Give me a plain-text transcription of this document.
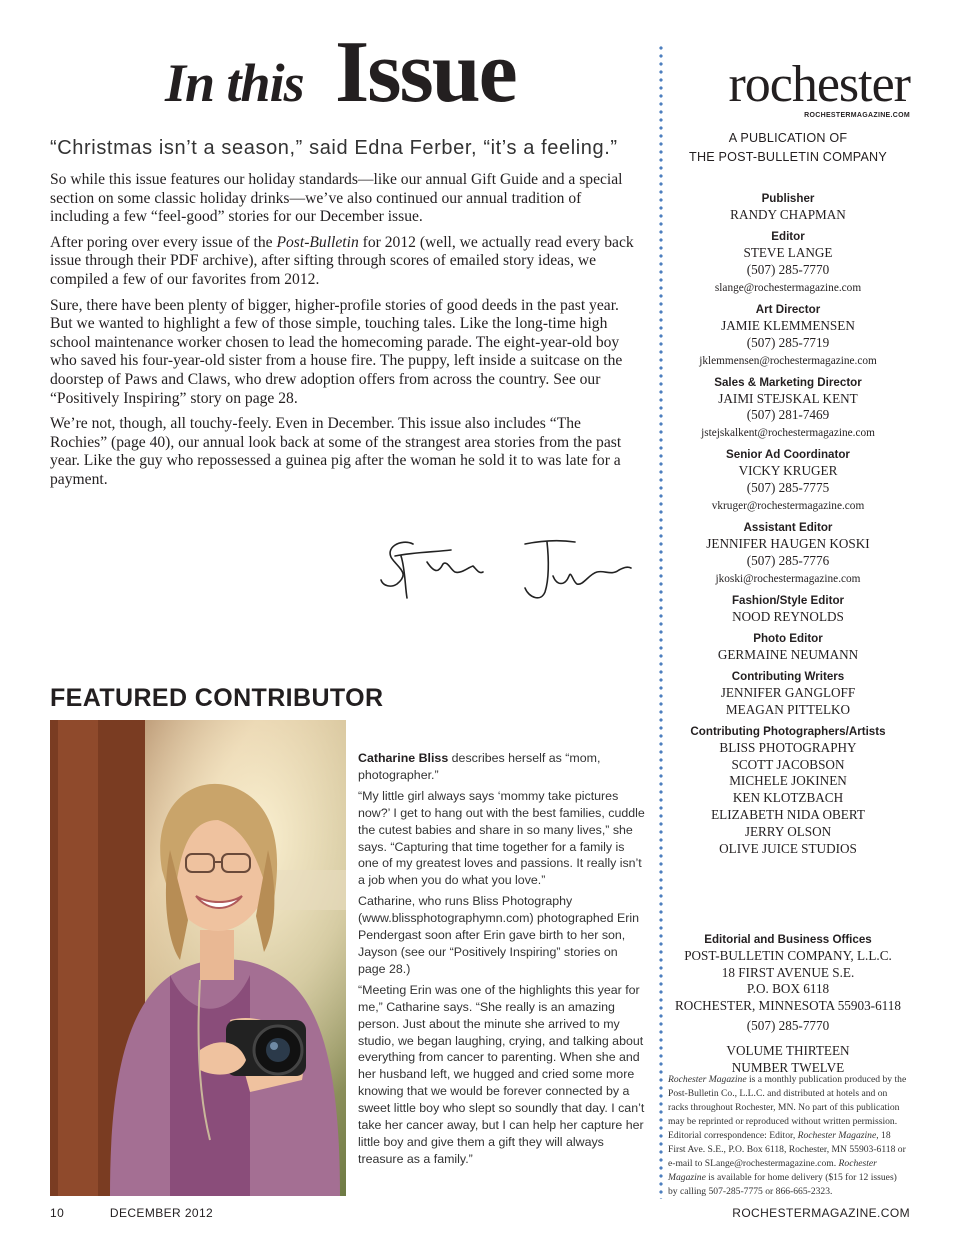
In this Issue
“Christmas isn’t a season,” said Edna Ferber, “it’s a feeling.”

So while this issue features our holiday standards—like our annual Gift Guide and a special section on some classic holiday drinks—we’ve also continued our annual tradition of including a few “feel-good” stories for our December issue.

After poring over every issue of the Post-Bulletin for 2012 (well, we actually read every back issue through their PDF archive), after sifting through scores of emailed story ideas, we compiled a few of our favorites from 2012.

Sure, there have been plenty of bigger, higher-profile stories of good deeds in the past year. But we wanted to highlight a few of those simple, touching tales. Like the long-time high school maintenance worker chosen to lead the homecoming parade. The eight-year-old boy who saved his four-year-old sister from a house fire. The puppy, left inside a suitcase on the doorstep of Paws and Claws, who drew adoption offers from across the country. See our “Positively Inspiring” story on page 28.

We’re not, though, all touchy-feely. Even in December. This issue also includes “The Rochies” (page 40), our annual look back at some of the strangest area stories from the past year. Like the guy who repossessed a guinea pig after the woman he sold it to was late for a payment.

FEATURED CONTRIBUTOR

Catharine Bliss describes herself as “mom, photographer.”

“My little girl always says ‘mommy take pictures now?’ I get to hang out with the best families, cuddle the cutest babies and share in so many lives,” she says. “Capturing that time together for a family is one of my greatest loves and passions. It really isn’t a job when you do what you love.”

Catharine, who runs Bliss Photography (www.blissphotographymn.com) photographed Erin Pendergast soon after Erin gave birth to her son, Jayson (see our “Positively Inspiring” stories on page 28.)

“Meeting Erin was one of the highlights this year for me,” Catharine says. “She really is an amazing person. Just about the minute she arrived to my studio, we began laughing, crying, and talking about everything from cancer to parenting. When she and her husband left, we hugged and cried some more knowing that we would be forever connected by a sweet little boy who slept so soundly that day. I can’t take her cancer away, but I can help her capture her little boy and give them a gift they will always treasure as a family.”

rochester
ROCHESTERMAGAZINE.COM
A PUBLICATION OF
THE POST-BULLETIN COMPANY
Publisher
RANDY CHAPMAN
Editor
STEVE LANGE
(507) 285-7770
slange@rochestermagazine.com
Art Director
JAMIE KLEMMENSEN
(507) 285-7719
jklemmensen@rochestermagazine.com
Sales & Marketing Director
JAIMI STEJSKAL KENT
(507) 281-7469
jstejskalkent@rochestermagazine.com
Senior Ad Coordinator
VICKY KRUGER
(507) 285-7775
vkruger@rochestermagazine.com
Assistant Editor
JENNIFER HAUGEN KOSKI
(507) 285-7776
jkoski@rochestermagazine.com
Fashion/Style Editor
NOOD REYNOLDS
Photo Editor
GERMAINE NEUMANN
Contributing Writers
JENNIFER GANGLOFF
MEAGAN PITTELKO
Contributing Photographers/Artists
BLISS PHOTOGRAPHY
SCOTT JACOBSON
MICHELE JOKINEN
KEN KLOTZBACH
ELIZABETH NIDA OBERT
JERRY OLSON
OLIVE JUICE STUDIOS
Editorial and Business Offices
POST-BULLETIN COMPANY, L.L.C.
18 FIRST AVENUE S.E.
P.O. BOX 6118
ROCHESTER, MINNESOTA 55903-6118
(507) 285-7770
VOLUME THIRTEEN
NUMBER TWELVE
Rochester Magazine is a monthly publication produced by the Post-Bulletin Co., L.L.C. and distributed at hotels and on racks throughout Rochester, MN. No part of this publication may be reprinted or reproduced without written permission. Editorial correspondence: Editor, Rochester Magazine, 18 First Ave. S.E., P.O. Box 6118, Rochester, MN 55903-6118 or e-mail to SLange@rochestermagazine.com. Rochester Magazine is available for home delivery ($15 for 12 issues) by calling 507-285-7775 or 866-665-2323.
10	DECEMBER 2012	ROCHESTERMAGAZINE.COM
